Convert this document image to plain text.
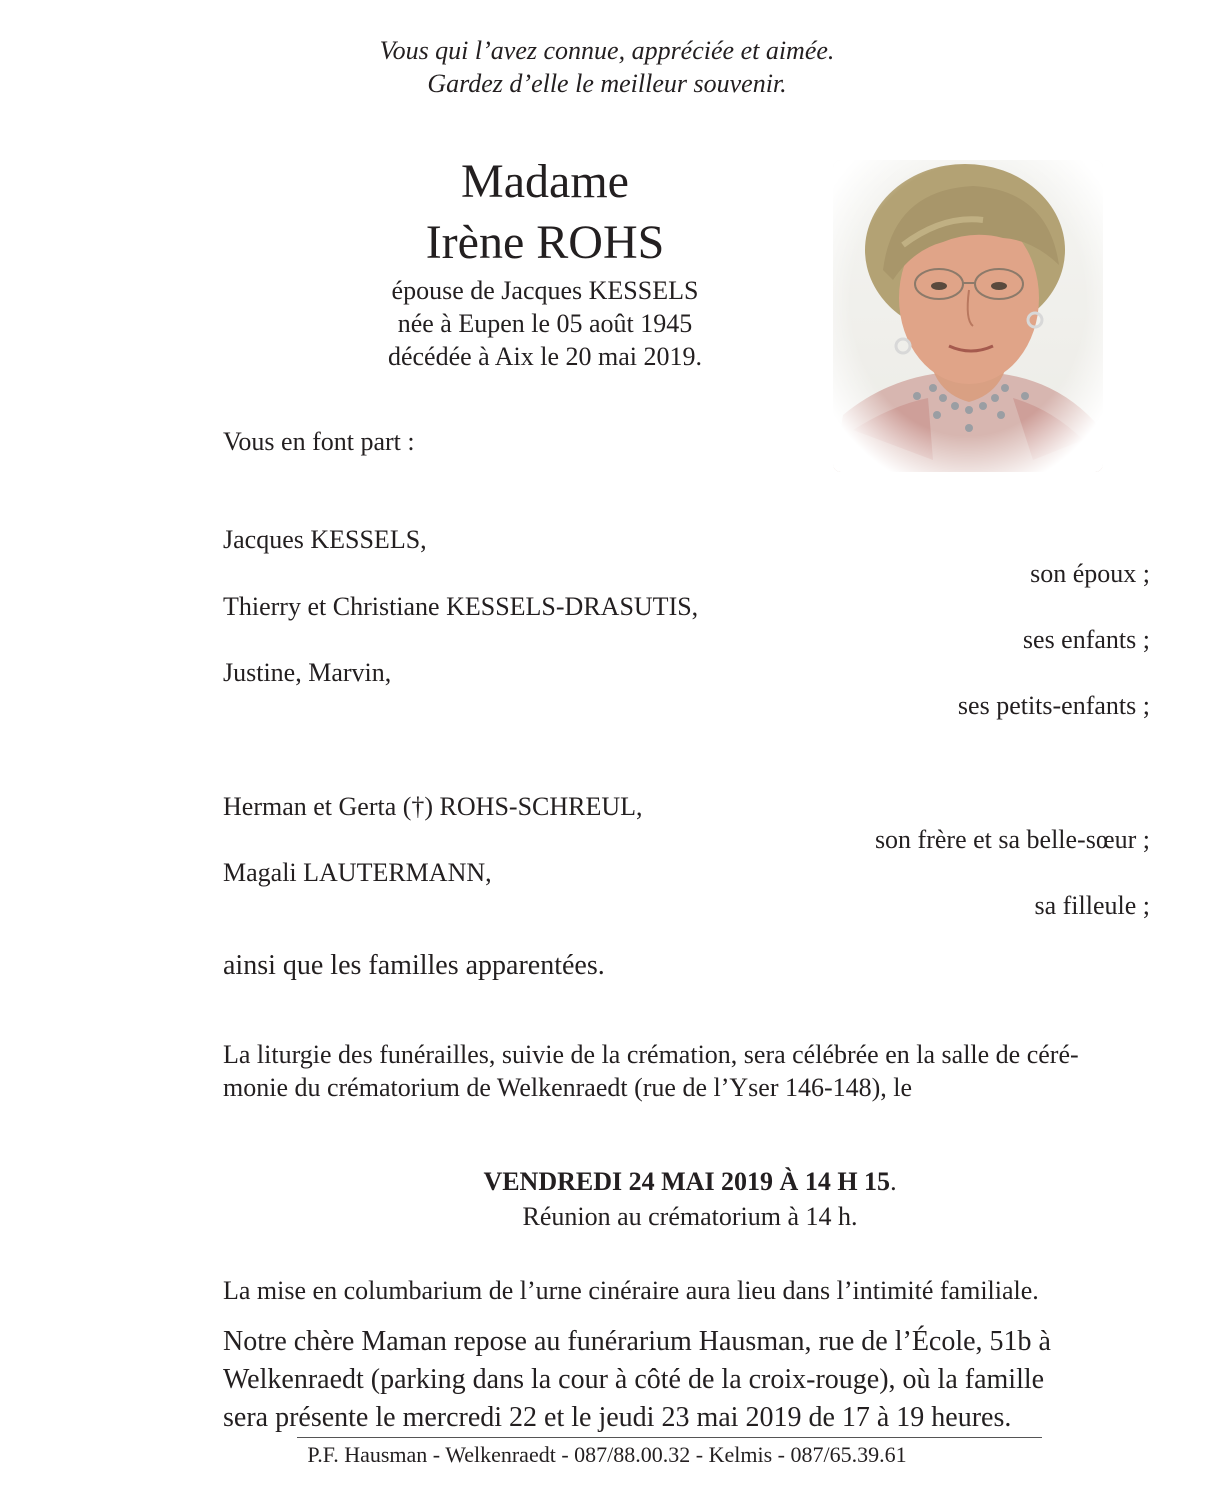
Vous qui l’avez connue, appréciée et aimée.
Gardez d’elle le meilleur souvenir.
Madame
Irène ROHS
épouse de Jacques KESSELS
née à Eupen le 05 août 1945
décédée à Aix le 20 mai 2019.
Vous en font part :
Jacques KESSELS,
son époux ;
Thierry et Christiane KESSELS-DRASUTIS,
ses enfants ;
Justine, Marvin,
ses petits-enfants ;
Herman et Gerta (†) ROHS-SCHREUL,
son frère et sa belle-sœur ;
Magali LAUTERMANN,
sa filleule ;
ainsi que les familles apparentées.
La liturgie des funérailles, suivie de la crémation, sera célébrée en la salle de céré-
monie du crématorium de Welkenraedt (rue de l’Yser 146-148), le
VENDREDI 24 MAI 2019 À 14 H 15.
Réunion au crématorium à 14 h.
La mise en columbarium de l’urne cinéraire aura lieu dans l’intimité familiale.
Notre chère Maman repose au funérarium Hausman, rue de l’École, 51b à
Welkenraedt (parking dans la cour à côté de la croix-rouge), où la famille
sera présente le mercredi 22 et le jeudi 23 mai 2019 de 17 à 19 heures.
P.F. Hausman - Welkenraedt - 087/88.00.32 - Kelmis - 087/65.39.61
